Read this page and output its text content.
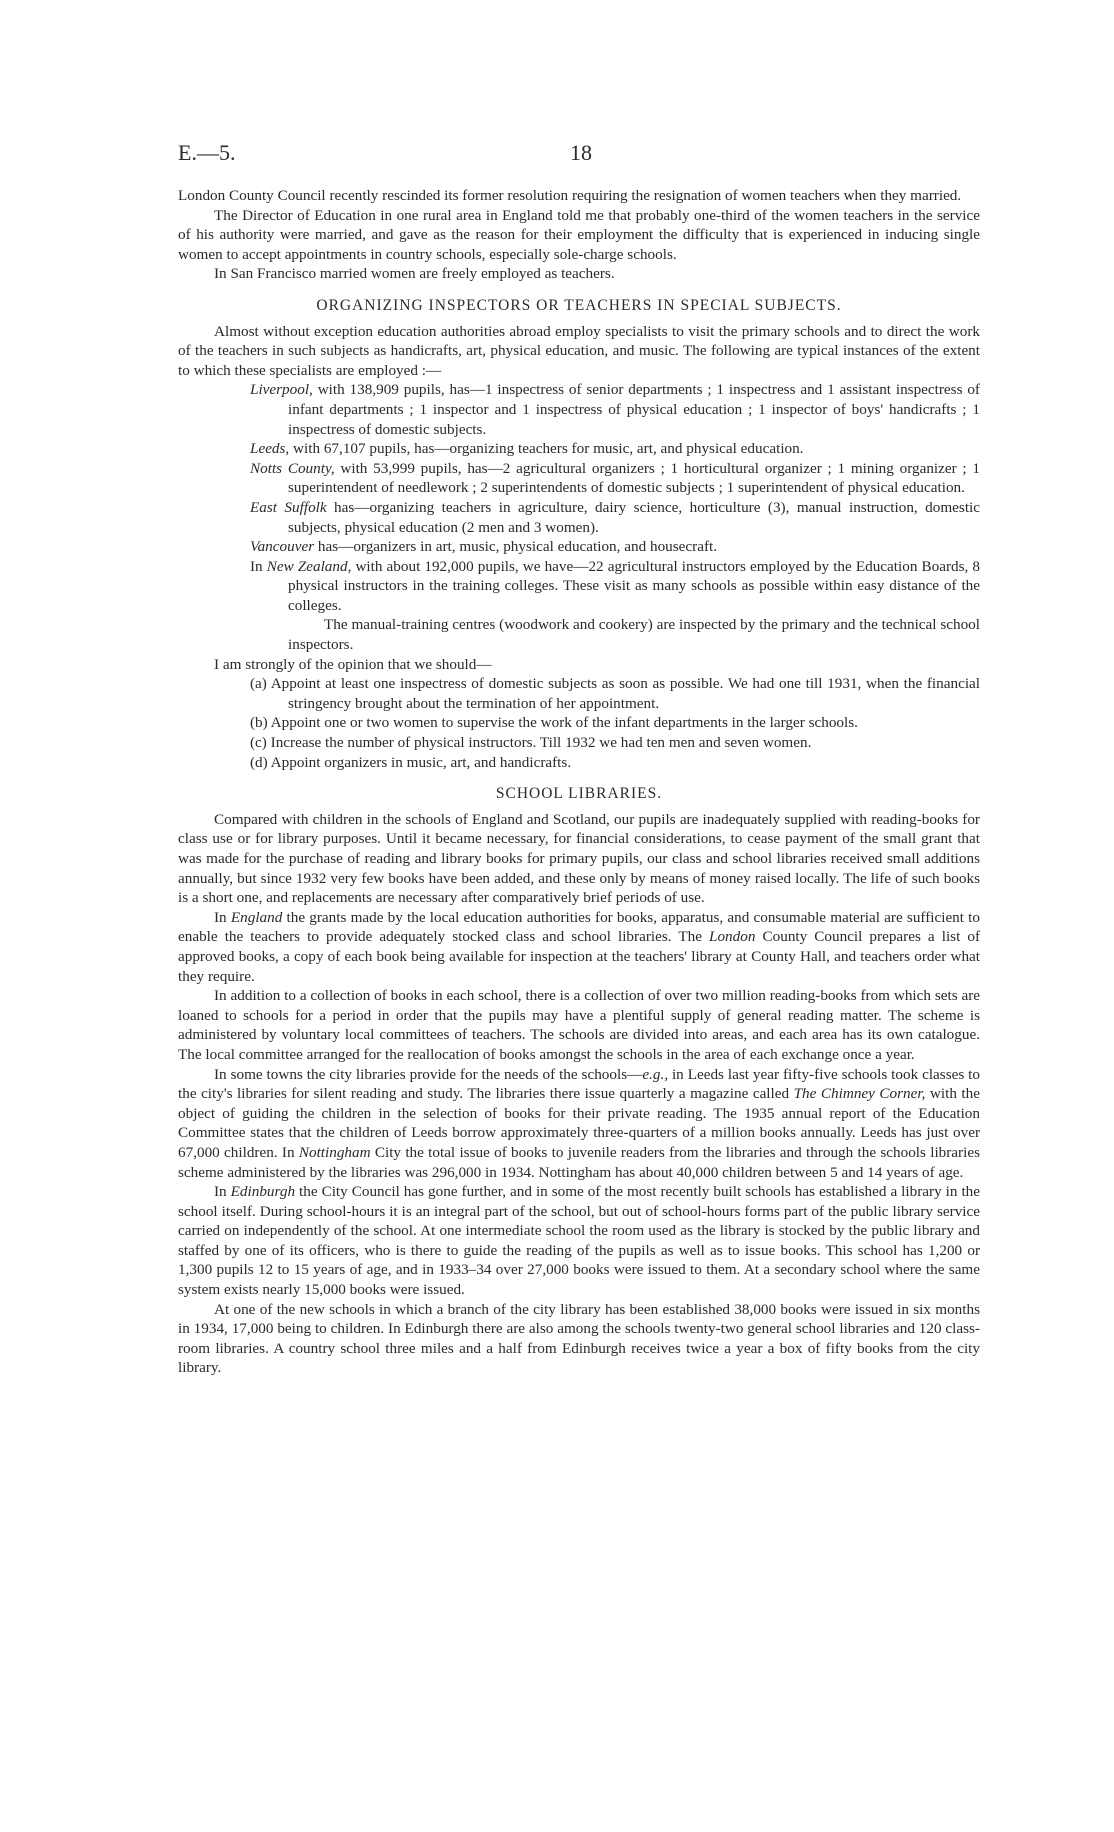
E.—5.	18

London County Council recently rescinded its former resolution requiring the resignation of women teachers when they married.

The Director of Education in one rural area in England told me that probably one-third of the women teachers in the service of his authority were married, and gave as the reason for their employment the difficulty that is experienced in inducing single women to accept appointments in country schools, especially sole-charge schools.

In San Francisco married women are freely employed as teachers.

ORGANIZING INSPECTORS OR TEACHERS IN SPECIAL SUBJECTS.

Almost without exception education authorities abroad employ specialists to visit the primary schools and to direct the work of the teachers in such subjects as handicrafts, art, physical education, and music. The following are typical instances of the extent to which these specialists are employed :—

Liverpool, with 138,909 pupils, has—1 inspectress of senior departments ; 1 inspectress and 1 assistant inspectress of infant departments ; 1 inspector and 1 inspectress of physical education ; 1 inspector of boys' handicrafts ; 1 inspectress of domestic subjects.

Leeds, with 67,107 pupils, has—organizing teachers for music, art, and physical education.

Notts County, with 53,999 pupils, has—2 agricultural organizers ; 1 horticultural organizer ; 1 mining organizer ; 1 superintendent of needlework ; 2 superintendents of domestic subjects ; 1 superintendent of physical education.

East Suffolk has—organizing teachers in agriculture, dairy science, horticulture (3), manual instruction, domestic subjects, physical education (2 men and 3 women).

Vancouver has—organizers in art, music, physical education, and housecraft.

In New Zealand, with about 192,000 pupils, we have—22 agricultural instructors employed by the Education Boards, 8 physical instructors in the training colleges. These visit as many schools as possible within easy distance of the colleges.

The manual-training centres (woodwork and cookery) are inspected by the primary and the technical school inspectors.

I am strongly of the opinion that we should—

(a) Appoint at least one inspectress of domestic subjects as soon as possible. We had one till 1931, when the financial stringency brought about the termination of her appointment.

(b) Appoint one or two women to supervise the work of the infant departments in the larger schools.

(c) Increase the number of physical instructors. Till 1932 we had ten men and seven women.

(d) Appoint organizers in music, art, and handicrafts.

SCHOOL LIBRARIES.

Compared with children in the schools of England and Scotland, our pupils are inadequately supplied with reading-books for class use or for library purposes. Until it became necessary, for financial considerations, to cease payment of the small grant that was made for the purchase of reading and library books for primary pupils, our class and school libraries received small additions annually, but since 1932 very few books have been added, and these only by means of money raised locally. The life of such books is a short one, and replacements are necessary after comparatively brief periods of use.

In England the grants made by the local education authorities for books, apparatus, and consumable material are sufficient to enable the teachers to provide adequately stocked class and school libraries. The London County Council prepares a list of approved books, a copy of each book being available for inspection at the teachers' library at County Hall, and teachers order what they require.

In addition to a collection of books in each school, there is a collection of over two million reading-books from which sets are loaned to schools for a period in order that the pupils may have a plentiful supply of general reading matter. The scheme is administered by voluntary local committees of teachers. The schools are divided into areas, and each area has its own catalogue. The local committee arranged for the reallocation of books amongst the schools in the area of each exchange once a year.

In some towns the city libraries provide for the needs of the schools—e.g., in Leeds last year fifty-five schools took classes to the city's libraries for silent reading and study. The libraries there issue quarterly a magazine called The Chimney Corner, with the object of guiding the children in the selection of books for their private reading. The 1935 annual report of the Education Committee states that the children of Leeds borrow approximately three-quarters of a million books annually. Leeds has just over 67,000 children. In Nottingham City the total issue of books to juvenile readers from the libraries and through the schools libraries scheme administered by the libraries was 296,000 in 1934. Nottingham has about 40,000 children between 5 and 14 years of age.

In Edinburgh the City Council has gone further, and in some of the most recently built schools has established a library in the school itself. During school-hours it is an integral part of the school, but out of school-hours forms part of the public library service carried on independently of the school. At one intermediate school the room used as the library is stocked by the public library and staffed by one of its officers, who is there to guide the reading of the pupils as well as to issue books. This school has 1,200 or 1,300 pupils 12 to 15 years of age, and in 1933–34 over 27,000 books were issued to them. At a secondary school where the same system exists nearly 15,000 books were issued.

At one of the new schools in which a branch of the city library has been established 38,000 books were issued in six months in 1934, 17,000 being to children. In Edinburgh there are also among the schools twenty-two general school libraries and 120 class-room libraries. A country school three miles and a half from Edinburgh receives twice a year a box of fifty books from the city library.
